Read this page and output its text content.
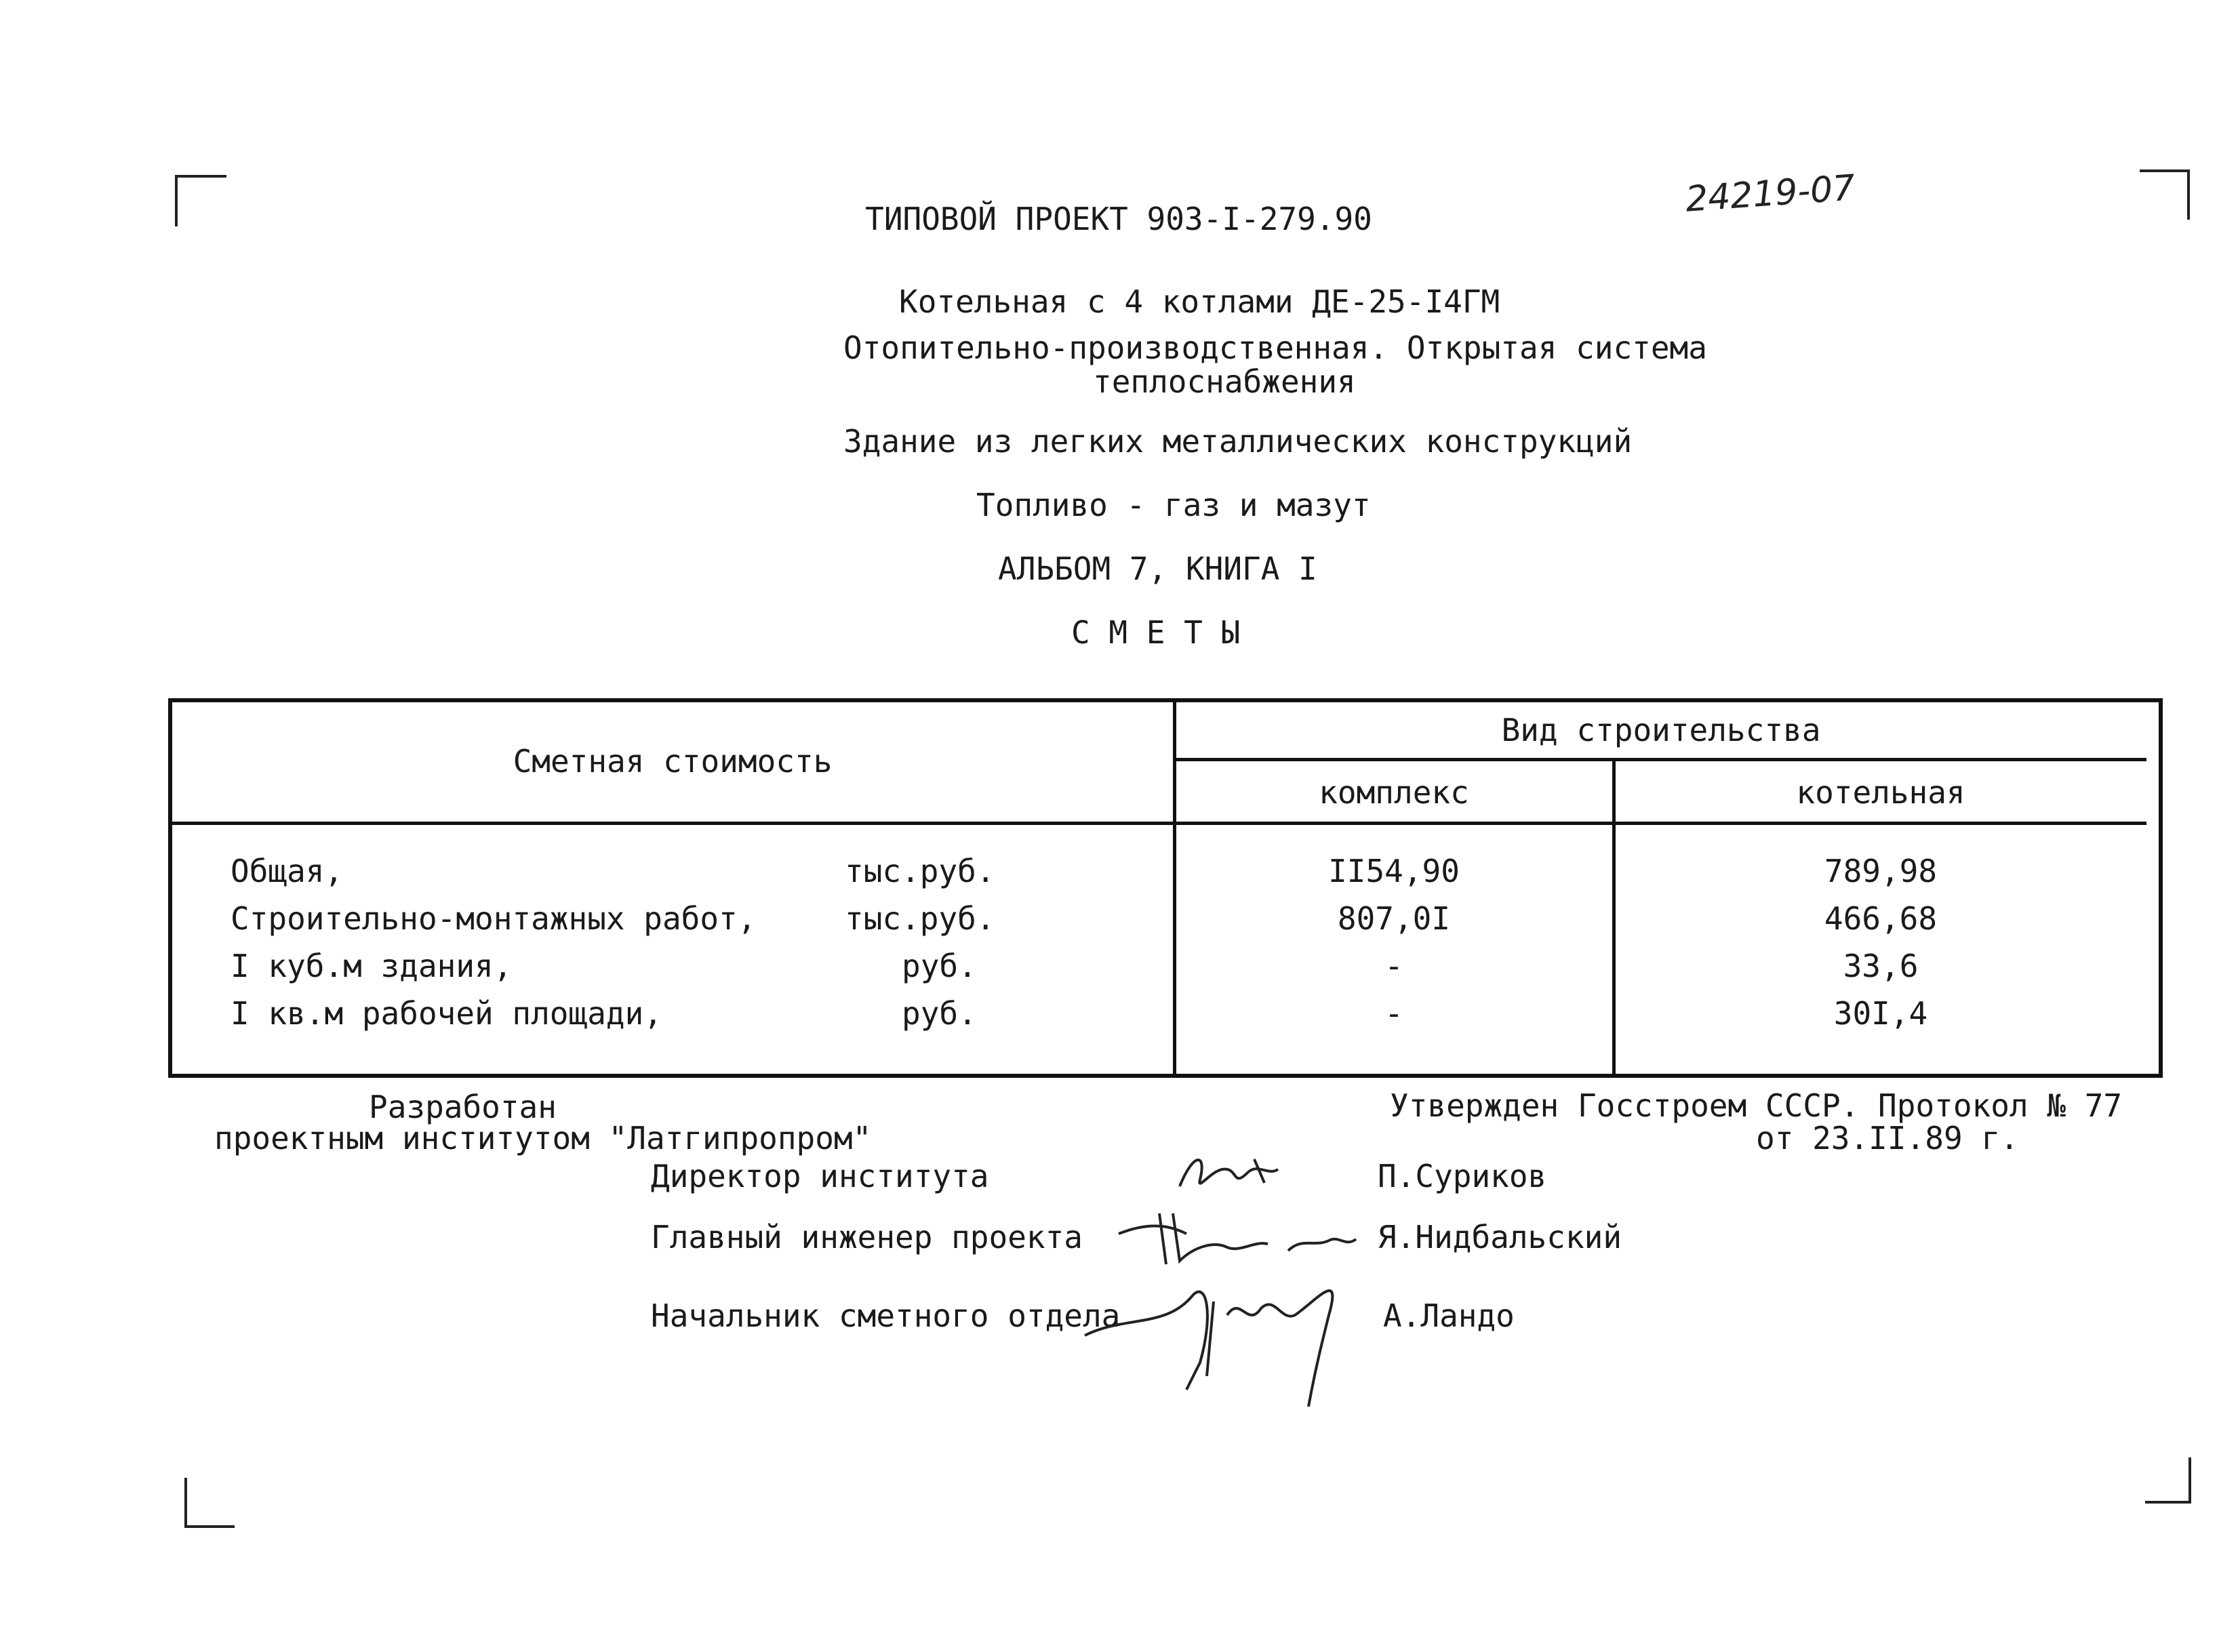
24219-07
ТИПОВОЙ ПРОЕКТ 903-I-279.90
Котельная с 4 котлами ДЕ-25-I4ГМ
Отопительно-производственная. Открытая система
теплоснабжения
Здание из легких металлических конструкций
Топливо - газ и мазут
АЛЬБОМ 7, КНИГА I
С М Е Т Ы
Сметная стоимость
Вид строительства
комплекс	котельная
Общая,	тыс.руб.	II54,90	789,98
Строительно-монтажных работ,	тыс.руб.	807,0I	466,68
I куб.м здания,	руб.	-	33,6
I кв.м рабочей площади,	руб.	-	30I,4
Разработан
проектным институтом "Латгипропром"
Утвержден Госстроем СССР. Протокол № 77
от 23.II.89 г.
Директор института	П.Суриков
Главный инженер проекта	Я.Нидбальский
Начальник сметного отдела	А.Ландо
